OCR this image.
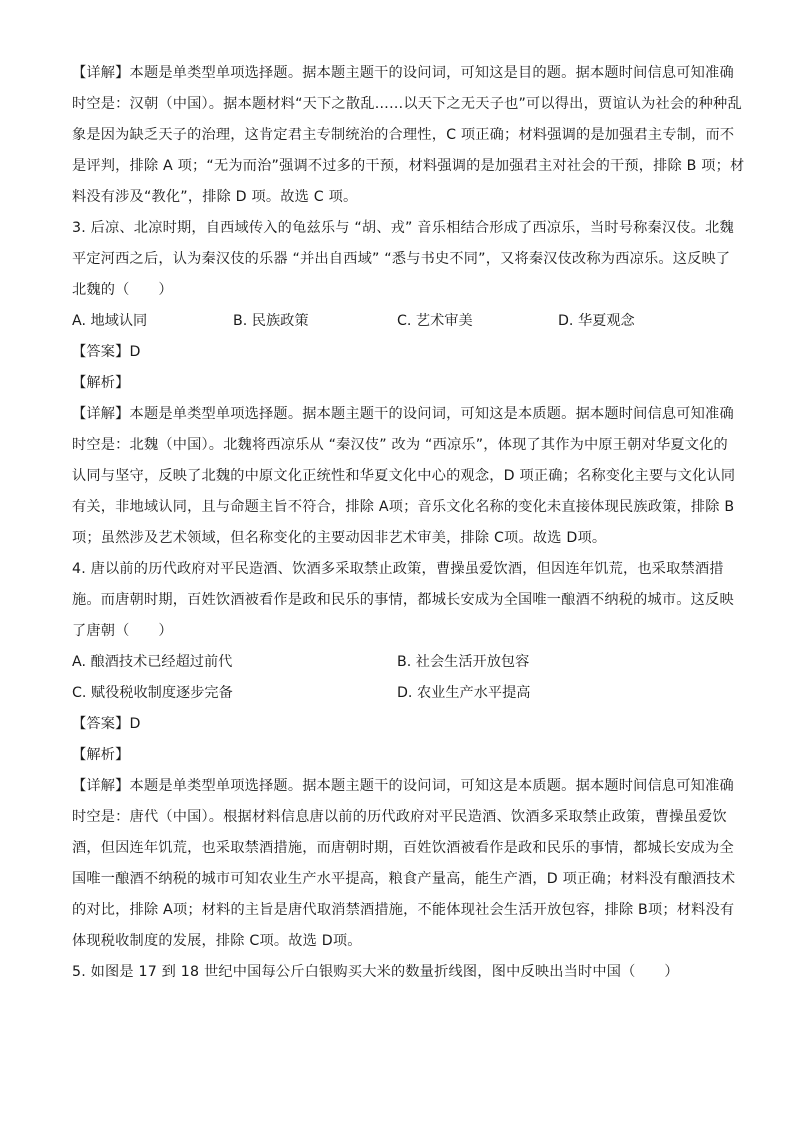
【详解】本题是单类型单项选择题。据本题主题干的设问词，可知这是目的题。据本题时间信息可知准确
时空是：汉朝（中国）。据本题材料“天下之散乱……以天下之无天子也”可以得出，贾谊认为社会的种种乱
象是因为缺乏天子的治理，这肯定君主专制统治的合理性，C 项正确；材料强调的是加强君主专制，而不
是评判，排除 A 项；“无为而治”强调不过多的干预，材料强调的是加强君主对社会的干预，排除 B 项；材
料没有涉及“教化”，排除 D 项。故选 C 项。
3. 后凉、北凉时期，自西域传入的龟兹乐与 “胡、戎” 音乐相结合形成了西凉乐，当时号称秦汉伎。北魏
平定河西之后，认为秦汉伎的乐器 “并出自西域” “悉与书史不同”，又将秦汉伎改称为西凉乐。这反映了
北魏的（　　）
A. 地域认同	B. 民族政策	C. 艺术审美	D. 华夏观念
【答案】D
【解析】
【详解】本题是单类型单项选择题。据本题主题干的设问词，可知这是本质题。据本题时间信息可知准确
时空是：北魏（中国）。北魏将西凉乐从 “秦汉伎” 改为 “西凉乐”，体现了其作为中原王朝对华夏文化的
认同与坚守，反映了北魏的中原文化正统性和华夏文化中心的观念，D 项正确；名称变化主要与文化认同
有关，非地域认同，且与命题主旨不符合，排除 A项；音乐文化名称的变化未直接体现民族政策，排除 B
项；虽然涉及艺术领域，但名称变化的主要动因非艺术审美，排除 C项。故选 D项。
4. 唐以前的历代政府对平民造酒、饮酒多采取禁止政策，曹操虽爱饮酒，但因连年饥荒，也采取禁酒措
施。而唐朝时期，百姓饮酒被看作是政和民乐的事情，都城长安成为全国唯一酿酒不纳税的城市。这反映
了唐朝（　　）
A. 酿酒技术已经超过前代	B. 社会生活开放包容
C. 赋役税收制度逐步完备	D. 农业生产水平提高
【答案】D
【解析】
【详解】本题是单类型单项选择题。据本题主题干的设问词，可知这是本质题。据本题时间信息可知准确
时空是：唐代（中国）。根据材料信息唐以前的历代政府对平民造酒、饮酒多采取禁止政策，曹操虽爱饮
酒，但因连年饥荒，也采取禁酒措施，而唐朝时期，百姓饮酒被看作是政和民乐的事情，都城长安成为全
国唯一酿酒不纳税的城市可知农业生产水平提高，粮食产量高，能生产酒，D 项正确；材料没有酿酒技术
的对比，排除 A项；材料的主旨是唐代取消禁酒措施，不能体现社会生活开放包容，排除 B项；材料没有
体现税收制度的发展，排除 C项。故选 D项。
5. 如图是 17 到 18 世纪中国每公斤白银购买大米的数量折线图，图中反映出当时中国（　　）
